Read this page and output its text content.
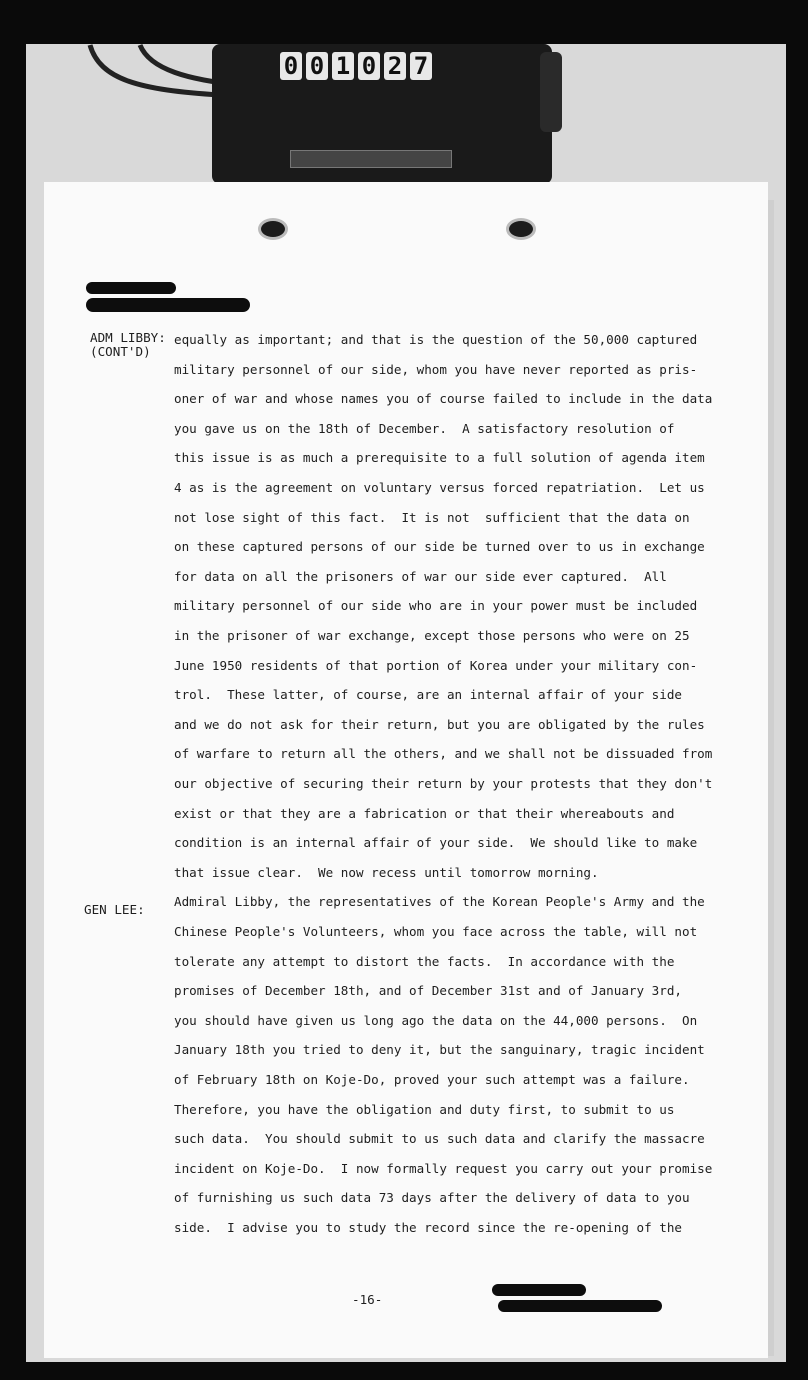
0 0 1 0 2 7
ADM LIBBY:
(CONT'D)
GEN LEE:
equally as important; and that is the question of the 50,000 captured
military personnel of our side, whom you have never reported as pris-
oner of war and whose names you of course failed to include in the data
you gave us on the 18th of December.  A satisfactory resolution of
this issue is as much a prerequisite to a full solution of agenda item
4 as is the agreement on voluntary versus forced repatriation.  Let us
not lose sight of this fact.  It is not  sufficient that the data on
on these captured persons of our side be turned over to us in exchange
for data on all the prisoners of war our side ever captured.  All
military personnel of our side who are in your power must be included
in the prisoner of war exchange, except those persons who were on 25
June 1950 residents of that portion of Korea under your military con-
trol.  These latter, of course, are an internal affair of your side
and we do not ask for their return, but you are obligated by the rules
of warfare to return all the others, and we shall not be dissuaded from
our objective of securing their return by your protests that they don't
exist or that they are a fabrication or that their whereabouts and
condition is an internal affair of your side.  We should like to make
that issue clear.  We now recess until tomorrow morning.
Admiral Libby, the representatives of the Korean People's Army and the
Chinese People's Volunteers, whom you face across the table, will not
tolerate any attempt to distort the facts.  In accordance with the
promises of December 18th, and of December 31st and of January 3rd,
you should have given us long ago the data on the 44,000 persons.  On
January 18th you tried to deny it, but the sanguinary, tragic incident
of February 18th on Koje-Do, proved your such attempt was a failure.
Therefore, you have the obligation and duty first, to submit to us
such data.  You should submit to us such data and clarify the massacre
incident on Koje-Do.  I now formally request you carry out your promise
of furnishing us such data 73 days after the delivery of data to you
side.  I advise you to study the record since the re-opening of the
-16-
